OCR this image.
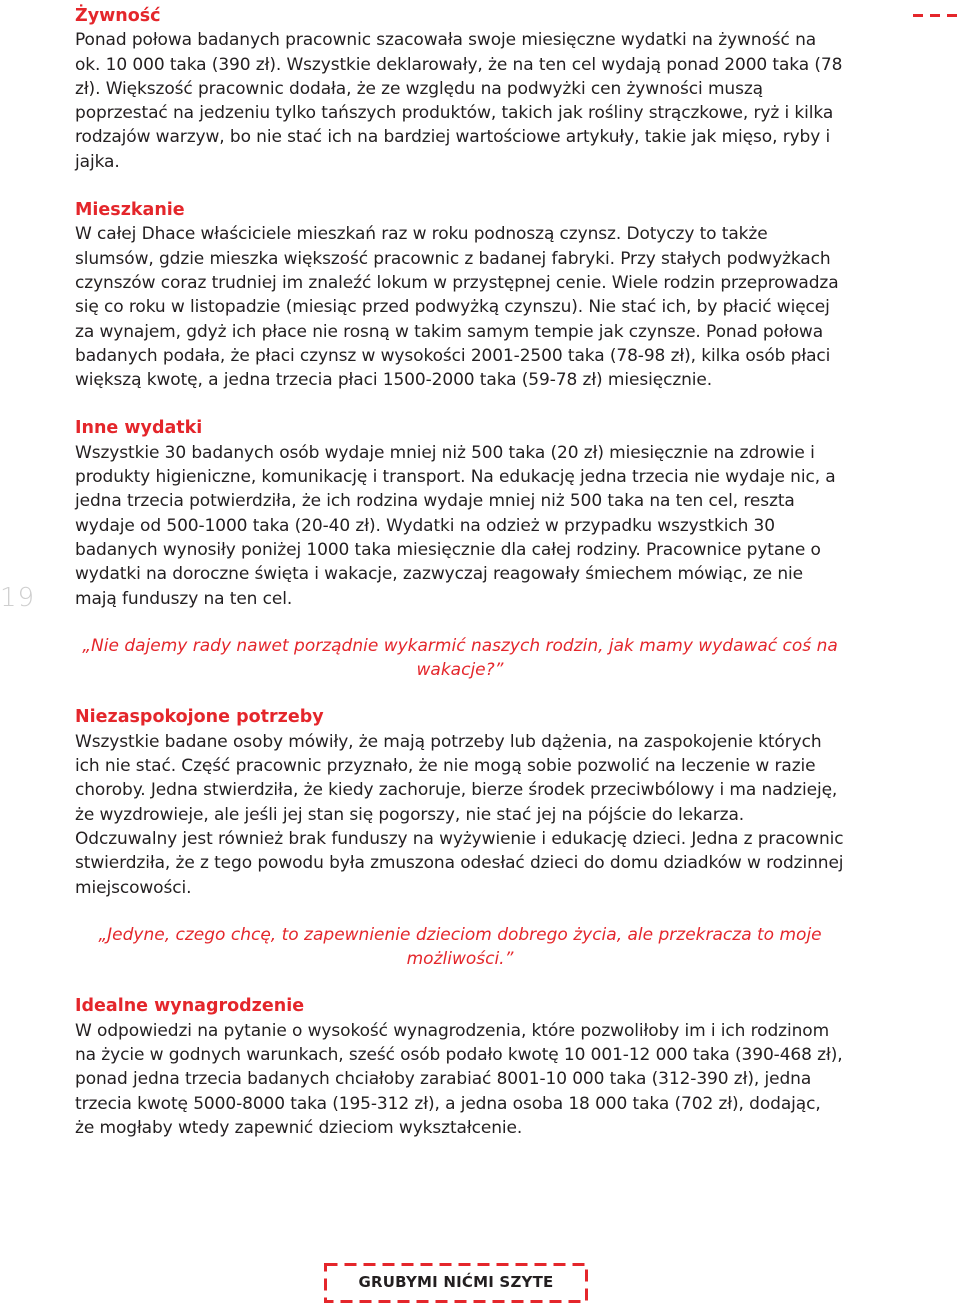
19
Żywność

Ponad połowa badanych pracownic szacowała swoje miesięczne wydatki na żywność na ok. 10 000 taka (390 zł). Wszystkie deklarowały, że na ten cel wydają ponad 2000 taka (78 zł). Większość pracownic dodała, że ze względu na podwyżki cen żywności muszą poprzestać na jedzeniu tylko tańszych produktów, takich jak rośliny strączkowe, ryż i kilka rodzajów warzyw, bo nie stać ich na bardziej wartościowe artykuły, takie jak mięso, ryby i jajka.

Mieszkanie

W całej Dhace właściciele mieszkań raz w roku podnoszą czynsz. Dotyczy to także slumsów, gdzie mieszka większość pracownic z badanej fabryki. Przy stałych podwyżkach czynszów coraz trudniej im znaleźć lokum w przystępnej cenie. Wiele rodzin przeprowadza się co roku w listopadzie (miesiąc przed podwyżką czynszu). Nie stać ich, by płacić więcej za wynajem, gdyż ich płace nie rosną w takim samym tempie jak czynsze. Ponad połowa badanych podała, że płaci czynsz w wysokości 2001-2500 taka (78-98 zł), kilka osób płaci większą kwotę, a jedna trzecia płaci 1500-2000 taka (59-78 zł) miesięcznie.

Inne wydatki

Wszystkie 30 badanych osób wydaje mniej niż 500 taka (20 zł) miesięcznie na zdrowie i produkty higieniczne, komunikację i transport. Na edukację jedna trzecia nie wydaje nic, a jedna trzecia potwierdziła, że ich rodzina wydaje mniej niż 500 taka na ten cel, reszta wydaje od 500-1000 taka (20-40 zł). Wydatki na odzież w przypadku wszystkich 30 badanych wynosiły poniżej 1000 taka miesięcznie dla całej rodziny. Pracownice pytane o wydatki na doroczne święta i wakacje, zazwyczaj reagowały śmiechem mówiąc, ze nie mają funduszy na ten cel.

„Nie dajemy rady nawet porządnie wykarmić naszych rodzin, jak mamy wydawać coś na wakacje?”

Niezaspokojone potrzeby

Wszystkie badane osoby mówiły, że mają potrzeby lub dążenia, na zaspokojenie których ich nie stać. Część pracownic przyznało, że nie mogą sobie pozwolić na leczenie w razie choroby. Jedna stwierdziła, że kiedy zachoruje, bierze środek przeciwbólowy i ma nadzieję, że wyzdrowieje, ale jeśli jej stan się pogorszy, nie stać jej na pójście do lekarza. Odczuwalny jest również brak funduszy na wyżywienie i edukację dzieci. Jedna z pracownic stwierdziła, że z tego powodu była zmuszona odesłać dzieci do domu dziadków w rodzinnej miejscowości.

„Jedyne, czego chcę, to zapewnienie dzieciom dobrego życia, ale przekracza to moje możliwości.”

Idealne wynagrodzenie

W odpowiedzi na pytanie o wysokość wynagrodzenia, które pozwoliłoby im i ich rodzinom na życie w godnych warunkach, sześć osób podało kwotę 10 001-12 000 taka (390-468 zł), ponad jedna trzecia badanych chciałoby zarabiać 8001-10 000 taka (312-390 zł), jedna trzecia kwotę 5000-8000 taka (195-312 zł), a jedna osoba 18 000 taka (702 zł), dodając, że mogłaby wtedy zapewnić dzieciom wykształcenie.

GRUBYMI NIĆMI SZYTE
